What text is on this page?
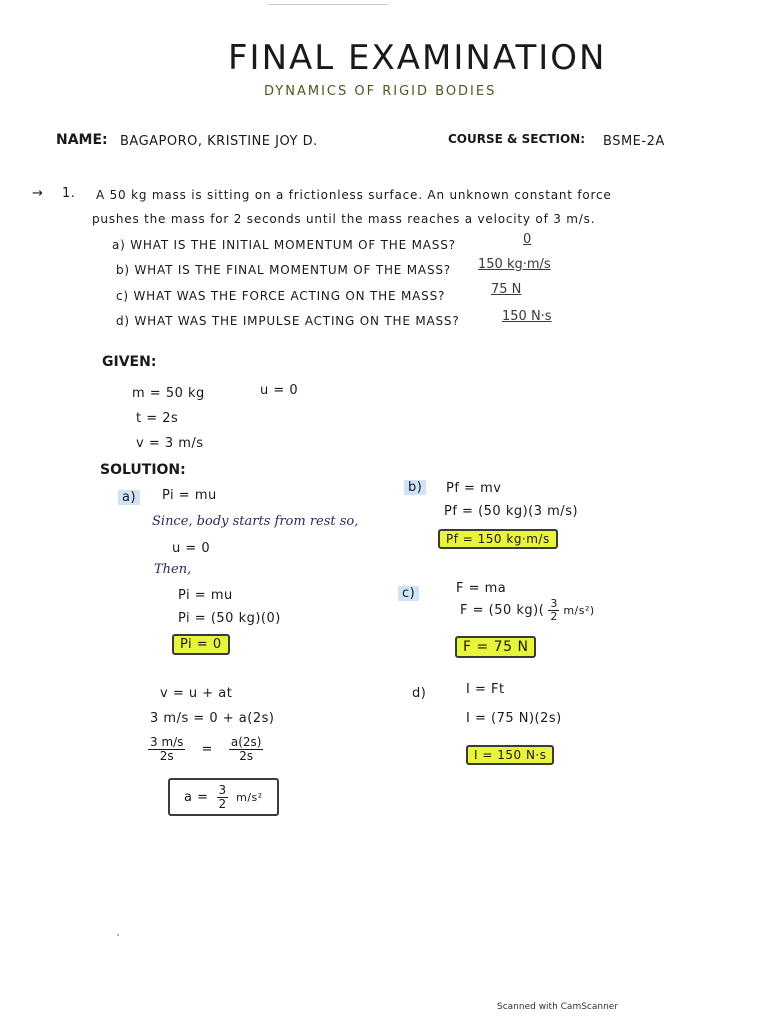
FINAL EXAMINATION
DYNAMICS OF RIGID BODIES
NAME: BAGAPORO, KRISTINE JOY D.	COURSE & SECTION: BSME-2A
→ 1. A 50 kg mass is sitting on a frictionless surface. An unknown constant force
pushes the mass for 2 seconds until the mass reaches a velocity of 3 m/s.
a) WHAT IS THE INITIAL MOMENTUM OF THE MASS?	0
b) WHAT IS THE FINAL MOMENTUM OF THE MASS? 150 kg·m/s
c) WHAT WAS THE FORCE ACTING ON THE MASS?	75 N
d) WHAT WAS THE IMPULSE ACTING ON THE MASS?	150 N·s
GIVEN:
m = 50 kg	u = 0
t = 2s
v = 3 m/s
SOLUTION:
a)	Pi = mu
Since, body starts from rest so,
u = 0
Then,
Pi = mu
Pi = (50 kg)(0)
Pi = 0
v = u + at
3 m/s = 0 + a(2s)
$\frac{3 m/s}{2s} = \frac{a(2s)}{2s}$
$a = \frac{3}{2} m/s^2$
b)	Pf = mv
Pf = (50 kg)(3 m/s)
Pf = 150 kg·m/s
c)	F = ma
F = (50 $kg)( \frac{3}{2} m/s^2)$
F = 75 N
d)	I = Ft
I = (75 N)(2s)
I = 150 N·s
Scanned with CamScanner
